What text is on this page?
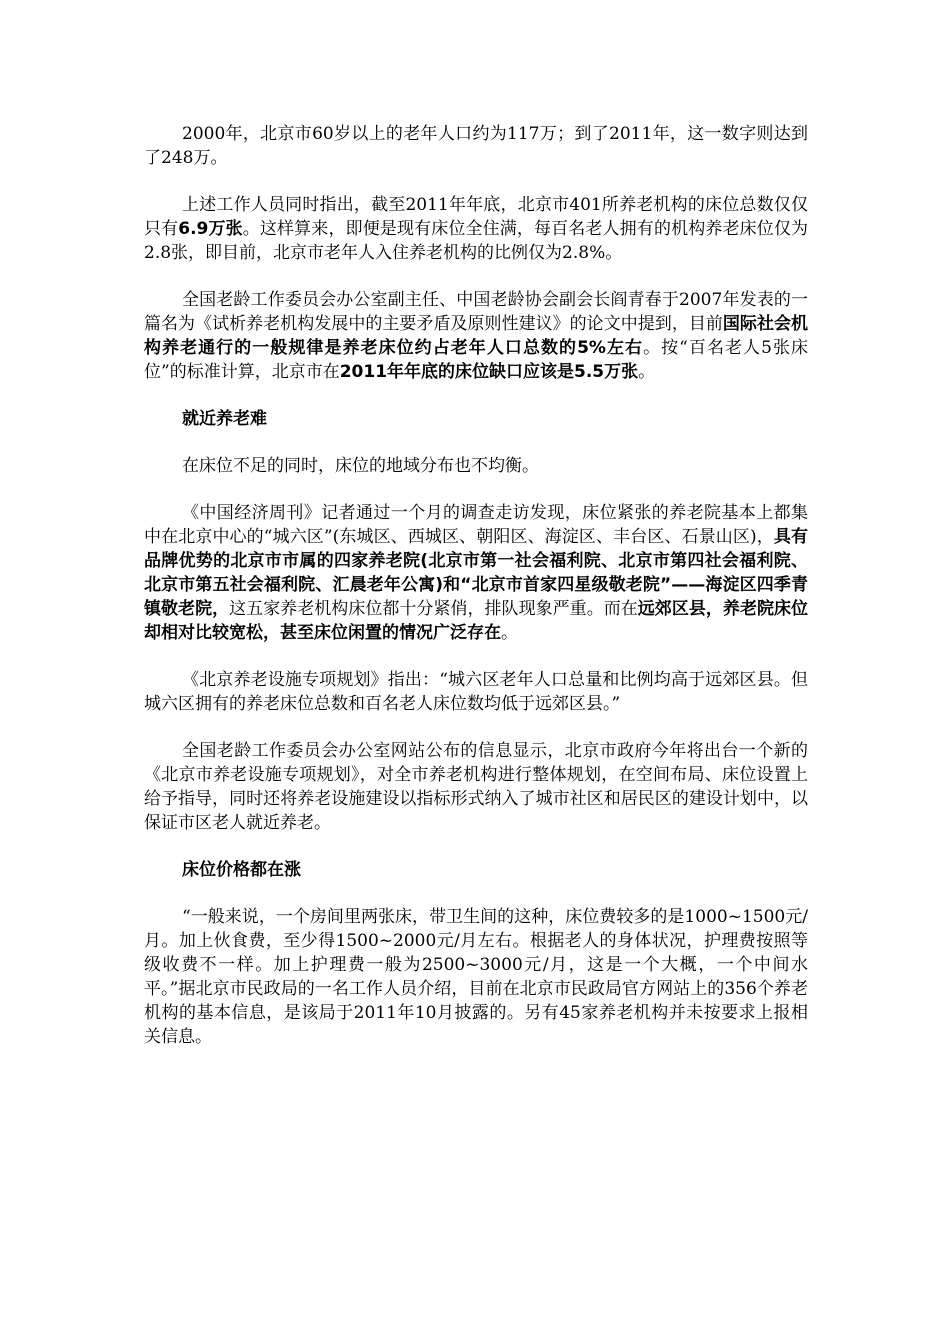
2000年，北京市60岁以上的老年人口约为117万；到了2011年，这一数字则达到了248万。

上述工作人员同时指出，截至2011年年底，北京市401所养老机构的床位总数仅仅只有6.9万张。这样算来，即便是现有床位全住满，每百名老人拥有的机构养老床位仅为2.8张，即目前，北京市老年人入住养老机构的比例仅为2.8%。

全国老龄工作委员会办公室副主任、中国老龄协会副会长阎青春于2007年发表的一篇名为《试析养老机构发展中的主要矛盾及原则性建议》的论文中提到，目前国际社会机构养老通行的一般规律是养老床位约占老年人口总数的5%左右。按“百名老人5张床位”的标准计算，北京市在2011年年底的床位缺口应该是5.5万张。

就近养老难

在床位不足的同时，床位的地域分布也不均衡。

《中国经济周刊》记者通过一个月的调查走访发现，床位紧张的养老院基本上都集中在北京中心的“城六区”(东城区、西城区、朝阳区、海淀区、丰台区、石景山区)，具有品牌优势的北京市市属的四家养老院(北京市第一社会福利院、北京市第四社会福利院、北京市第五社会福利院、汇晨老年公寓)和“北京市首家四星级敬老院”——海淀区四季青镇敬老院，这五家养老机构床位都十分紧俏，排队现象严重。而在远郊区县，养老院床位却相对比较宽松，甚至床位闲置的情况广泛存在。

《北京养老设施专项规划》指出：“城六区老年人口总量和比例均高于远郊区县。但城六区拥有的养老床位总数和百名老人床位数均低于远郊区县。”

全国老龄工作委员会办公室网站公布的信息显示，北京市政府今年将出台一个新的《北京市养老设施专项规划》，对全市养老机构进行整体规划，在空间布局、床位设置上给予指导，同时还将养老设施建设以指标形式纳入了城市社区和居民区的建设计划中，以保证市区老人就近养老。

床位价格都在涨

“一般来说，一个房间里两张床，带卫生间的这种，床位费较多的是1000~1500元/月。加上伙食费，至少得1500~2000元/月左右。根据老人的身体状况，护理费按照等级收费不一样。加上护理费一般为2500~3000元/月，这是一个大概，一个中间水平。”据北京市民政局的一名工作人员介绍，目前在北京市民政局官方网站上的356个养老机构的基本信息，是该局于2011年10月披露的。另有45家养老机构并未按要求上报相关信息。
